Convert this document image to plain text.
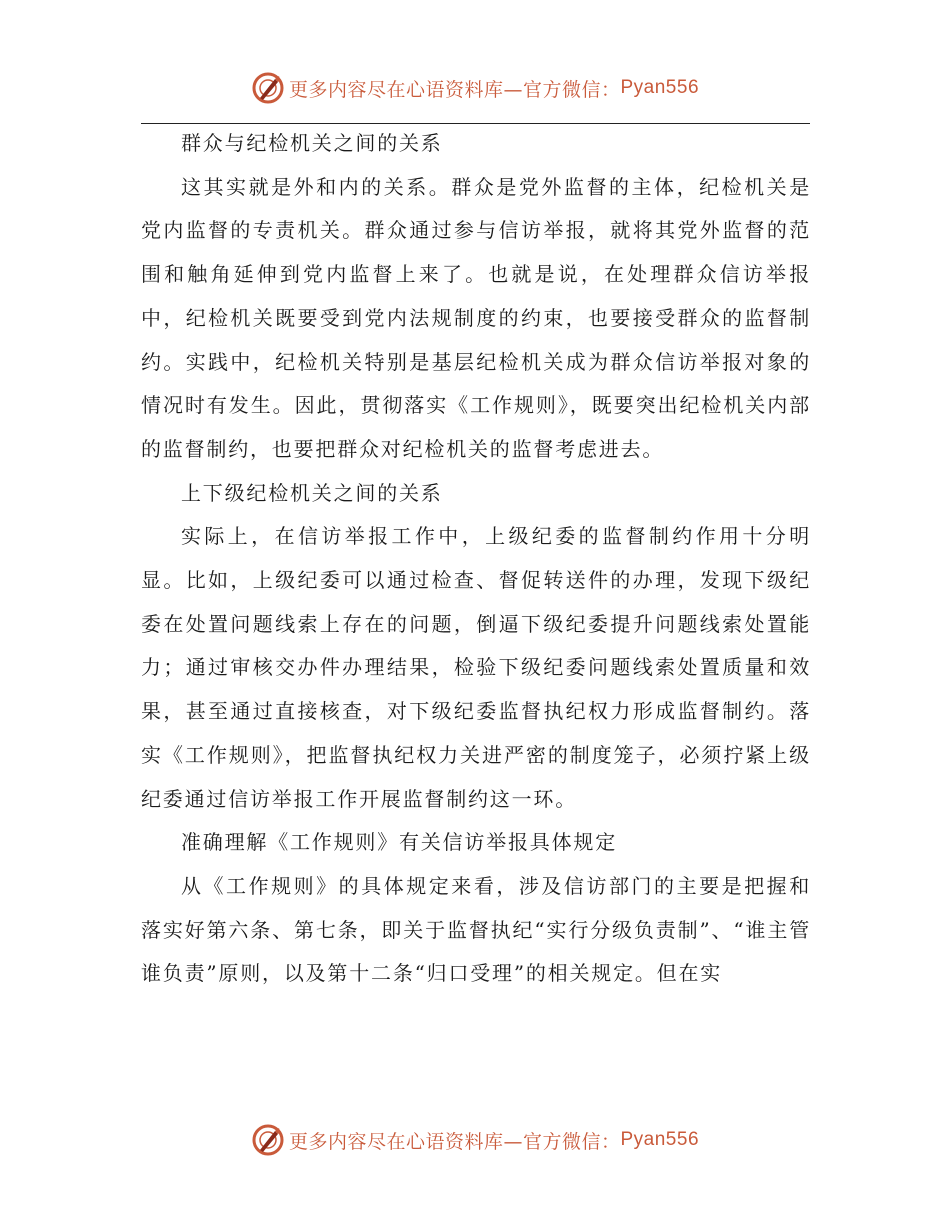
更多内容尽在心语资料库—官方微信： Pyan556
群众与纪检机关之间的关系

这其实就是外和内的关系。群众是党外监督的主体，纪检机关是党内监督的专责机关。群众通过参与信访举报，就将其党外监督的范围和触角延伸到党内监督上来了。也就是说，在处理群众信访举报中，纪检机关既要受到党内法规制度的约束，也要接受群众的监督制约。实践中，纪检机关特别是基层纪检机关成为群众信访举报对象的情况时有发生。因此，贯彻落实《工作规则》，既要突出纪检机关内部的监督制约，也要把群众对纪检机关的监督考虑进去。

上下级纪检机关之间的关系

实际上，在信访举报工作中，上级纪委的监督制约作用十分明显。比如，上级纪委可以通过检查、督促转送件的办理，发现下级纪委在处置问题线索上存在的问题，倒逼下级纪委提升问题线索处置能力；通过审核交办件办理结果，检验下级纪委问题线索处置质量和效果，甚至通过直接核查，对下级纪委监督执纪权力形成监督制约。落实《工作规则》，把监督执纪权力关进严密的制度笼子，必须拧紧上级纪委通过信访举报工作开展监督制约这一环。

准确理解《工作规则》有关信访举报具体规定

从《工作规则》的具体规定来看，涉及信访部门的主要是把握和落实好第六条、第七条，即关于监督执纪“实行分级负责制”、“谁主管谁负责”原则，以及第十二条“归口受理”的相关规定。但在实

更多内容尽在心语资料库—官方微信： Pyan556
